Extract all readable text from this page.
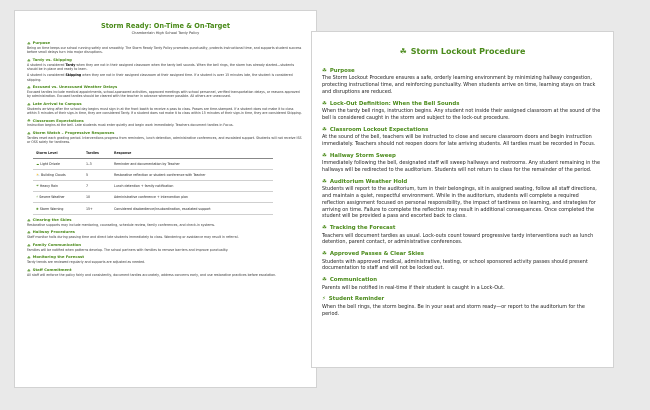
Storm Ready: On-Time & On-Target
Chamberlain High School Tardy Policy
☘ Purpose
Being on time keeps our school running safely and smoothly. The Storm Ready Tardy Policy promotes punctuality, protects instructional time, and supports student success before small delays turn into major disruptions.
☘ Tardy vs. Skipping
A student is considered Tardy when they are not in their assigned classroom when the tardy bell sounds. When the bell rings, the storm has already started—students should be in place and ready to learn.
A student is considered Skipping when they are not in their assigned classroom at their assigned time. If a student is over 15 minutes late, the student is considered skipping.
☘ Excused vs. Unexcused Weather Delays
Excused tardies include medical appointments, school-sponsored activities, approved meetings with school personnel, verified transportation delays, or reasons approved by administration. Excused tardies should be cleared with the teacher in advance whenever possible. All others are unexcused.
☘ Late Arrival to Campus
Students arriving after the school day begins must sign in at the front booth to receive a pass to class. Passes are time-stamped. If a student does not make it to class within 5 minutes of their sign-in time, they are considered Tardy. If a student does not make it to class within 15 minutes of their sign-in time, they are considered Skipping.
☘ Classroom Expectations
Instruction begins at the bell. Late students must enter quietly and begin work immediately. Teachers document tardies in Focus.
☘ Storm Watch – Progressive Responses
Tardies reset each grading period. Interventions progress from reminders, lunch detention, administrative conferences, and escalated support. Students will not receive ISS or OSS solely for tardiness.
Storm Level	Tardies	Response
☁ Light Drizzle	1–3	Reminder and documentation by Teacher
⛅ Building Clouds	5	Restorative reflection or student conference with Teacher
☔ Heavy Rain	7	Lunch detention + family notification
⚡ Severe Weather	10	Administrative conference + intervention plan
✺ Storm Warning	15+	Considered disobedience/insubordination, escalated support
☘ Clearing the Skies
Restorative supports may include mentoring, counseling, schedule review, family conferences, and check-in systems.
☘ Hallway Procedures
Staff monitor halls during passing time and direct late students immediately to class. Wandering or avoidance may result in referral.
☘ Family Communication
Families will be notified when patterns develop. The school partners with families to remove barriers and improve punctuality.
☘ Monitoring the Forecast
Tardy trends are reviewed regularly and supports are adjusted as needed.
☘ Staff Commitment
All staff will enforce the policy fairly and consistently, document tardies accurately, address concerns early, and use restorative practices before escalation.
☘ Storm Lockout Procedure
☘ Purpose
The Storm Lockout Procedure ensures a safe, orderly learning environment by minimizing hallway congestion, protecting instructional time, and reinforcing punctuality. When students arrive on time, learning stays on track and disruptions are reduced.
☘ Lock-Out Definition: When the Bell Sounds
When the tardy bell rings, instruction begins. Any student not inside their assigned classroom at the sound of the bell is considered caught in the storm and subject to the lock-out procedure.
☘ Classroom Lockout Expectations
At the sound of the bell, teachers will be instructed to close and secure classroom doors and begin instruction immediately. Teachers should not reopen doors for late arriving students. All tardies must be recorded in Focus.
☘ Hallway Storm Sweep
Immediately following the bell, designated staff will sweep hallways and restrooms. Any student remaining in the hallways will be redirected to the auditorium. Students will not return to class for the remainder of the period.
☘ Auditorium Weather Hold
Students will report to the auditorium, turn in their belongings, sit in assigned seating, follow all staff directions, and maintain a quiet, respectful environment. While in the auditorium, students will complete a required reflection assignment focused on personal responsibility, the impact of tardiness on learning, and strategies for arriving on time. Failure to complete the reflection may result in additional consequences. Once completed the student will be provided a pass and escorted back to class.
☘ Tracking the Forecast
Teachers will document tardies as usual. Lock-outs count toward progressive tardy interventions such as lunch detention, parent contact, or administrative conferences.
☘ Approved Passes & Clear Skies
Students with approved medical, administrative, testing, or school sponsored activity passes should present documentation to staff and will not be locked out.
☘ Communication
Parents will be notified in real-time if their student is caught in a Lock-Out.
⚡ Student Reminder
When the bell rings, the storm begins. Be in your seat and storm ready—or report to the auditorium for the period.
